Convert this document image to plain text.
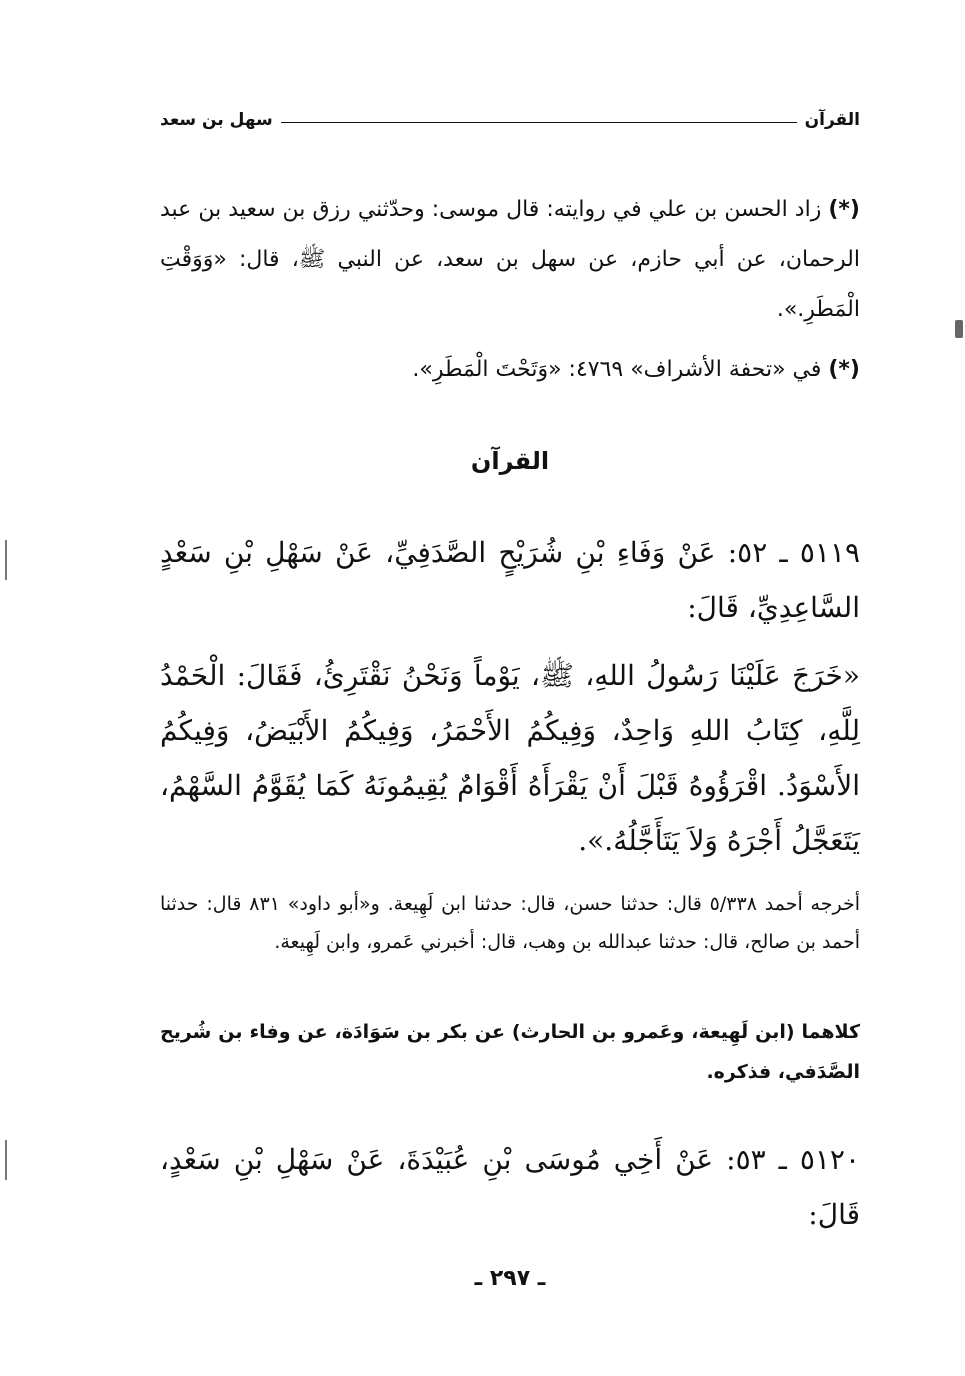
القرآن
سهل بن سعد
(*) زاد الحسن بن علي في روايته: قال موسى: وحدّثني رزق بن سعيد بن عبد الرحمان، عن أبي حازم، عن سهل بن سعد، عن النبي ﷺ، قال: «وَوَقْتِ الْمَطَرِ.».
(*) في «تحفة الأشراف» ٤٧٦٩: «وَتَحْتَ الْمَطَرِ».
القرآن
٥١١٩ ـ ٥٢: عَنْ وَفَاءِ بْنِ شُرَيْحٍ الصَّدَفِيِّ، عَنْ سَهْلِ بْنِ سَعْدٍ السَّاعِدِيِّ، قَالَ:
«خَرَجَ عَلَيْنَا رَسُولُ اللهِ، ﷺ، يَوْماً وَنَحْنُ نَقْتَرِئُ، فَقَالَ: الْحَمْدُ لِلَّهِ، كِتَابُ اللهِ وَاحِدٌ، وَفِيكُمُ الأَحْمَرُ، وَفِيكُمُ الأَبْيَضُ، وَفِيكُمُ الأَسْوَدُ. اقْرَؤُوهُ قَبْلَ أَنْ يَقْرَأَهُ أَقْوَامٌ يُقِيمُونَهُ كَمَا يُقَوَّمُ السَّهْمُ، يَتَعَجَّلُ أَجْرَهُ وَلاَ يَتَأَجَّلُهُ.».
أخرجه أحمد ٥/٣٣٨ قال: حدثنا حسن، قال: حدثنا ابن لَهِيعة. و«أبو داود» ٨٣١ قال: حدثنا أحمد بن صالح، قال: حدثنا عبدالله بن وهب، قال: أخبرني عَمرو، وابن لَهِيعة.
كلاهما (ابن لَهِيعة، وعَمرو بن الحارث) عن بكر بن سَوَادَة، عن وفاء بن شُريح الصَّدَفي، فذكره.
٥١٢٠ ـ ٥٣: عَنْ أَخِي مُوسَى بْنِ عُبَيْدَةَ، عَنْ سَهْلِ بْنِ سَعْدٍ، قَالَ:
ـ ٢٩٧ ـ
